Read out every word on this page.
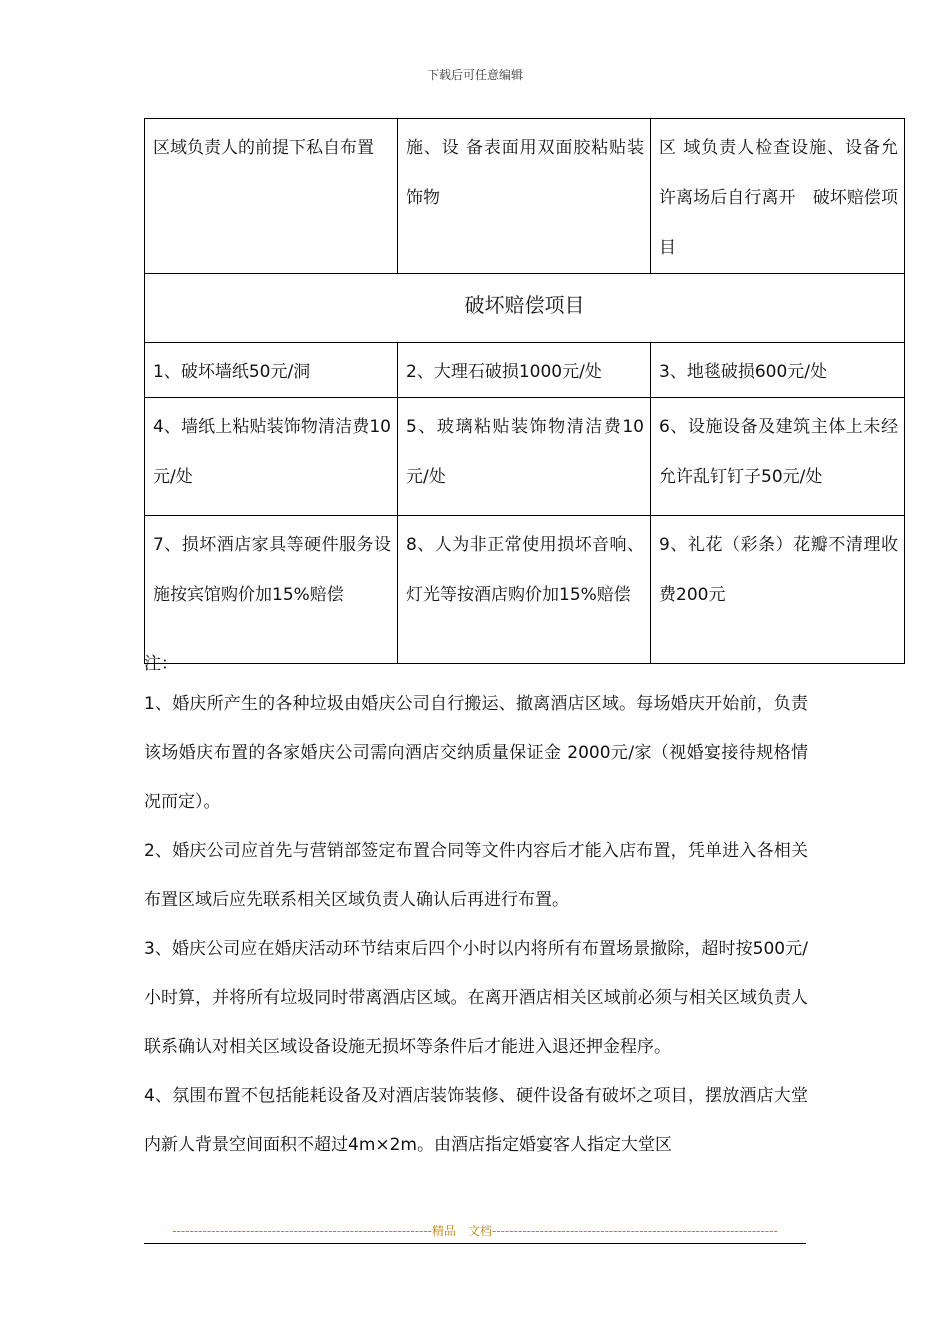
下载后可任意编辑
区域负责人的前提下私自布置	施、设 备表面用双面胶粘贴装饰物	区 域负责人检查设施、设备允许离场后自行离开　破坏赔偿项目
破坏赔偿项目		
1、破坏墙纸50元/洞	2、大理石破损1000元/处	3、地毯破损600元/处
4、墙纸上粘贴装饰物清洁费10元/处	5、玻璃粘贴装饰物清洁费10元/处	6、设施设备及建筑主体上未经允许乱钉钉子50元/处
7、损坏酒店家具等硬件服务设施按宾馆购价加15%赔偿	8、人为非正常使用损坏音响、灯光等按酒店购价加15%赔偿	9、礼花（彩条）花瓣不清理收费200元

注：

1、婚庆所产生的各种垃圾由婚庆公司自行搬运、撤离酒店区域。每场婚庆开始前，负责该场婚庆布置的各家婚庆公司需向酒店交纳质量保证金 2000元/家（视婚宴接待规格情况而定）。

2、婚庆公司应首先与营销部签定布置合同等文件内容后才能入店布置，凭单进入各相关布置区域后应先联系相关区域负责人确认后再进行布置。

3、婚庆公司应在婚庆活动环节结束后四个小时以内将所有布置场景撤除，超时按500元/小时算，并将所有垃圾同时带离酒店区域。在离开酒店相关区域前必须与相关区域负责人联系确认对相关区域设备设施无损坏等条件后才能进入退还押金程序。

4、氛围布置不包括能耗设备及对酒店装饰装修、硬件设备有破坏之项目，摆放酒店大堂内新人背景空间面积不超过4m×2m。由酒店指定婚宴客人指定大堂区

------------------------------------------------------------精品　文档------------------------------------------------------------------
